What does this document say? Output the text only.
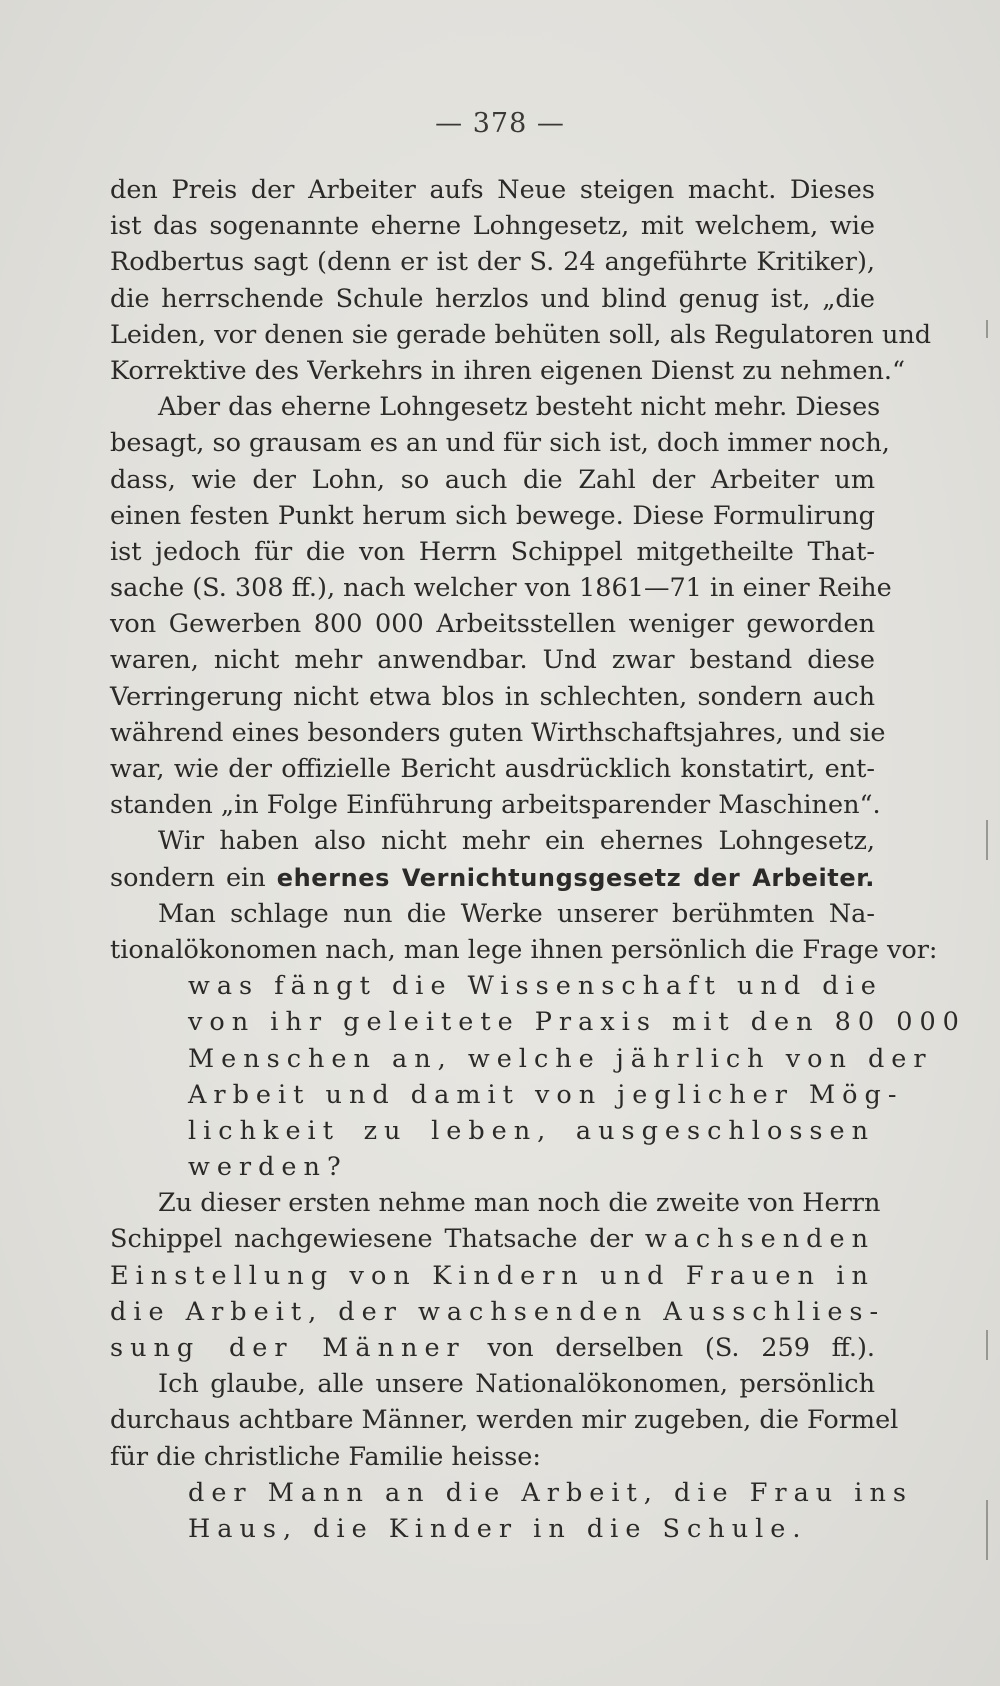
— 378 —
den Preis der Arbeiter aufs Neue steigen macht. Dieses
ist das sogenannte eherne Lohngesetz, mit welchem, wie
Rodbertus sagt (denn er ist der S. 24 angeführte Kritiker),
die herrschende Schule herzlos und blind genug ist, „die
Leiden, vor denen sie gerade behüten soll, als Regulatoren und
Korrektive des Verkehrs in ihren eigenen Dienst zu nehmen.“
Aber das eherne Lohngesetz besteht nicht mehr. Dieses
besagt, so grausam es an und für sich ist, doch immer noch,
dass, wie der Lohn, so auch die Zahl der Arbeiter um
einen festen Punkt herum sich bewege. Diese Formulirung
ist jedoch für die von Herrn Schippel mitgetheilte That-
sache (S. 308 ff.), nach welcher von 1861—71 in einer Reihe
von Gewerben 800 000 Arbeitsstellen weniger geworden
waren, nicht mehr anwendbar. Und zwar bestand diese
Verringerung nicht etwa blos in schlechten, sondern auch
während eines besonders guten Wirthschaftsjahres, und sie
war, wie der offizielle Bericht ausdrücklich konstatirt, ent-
standen „in Folge Einführung arbeitsparender Maschinen“.
Wir haben also nicht mehr ein ehernes Lohngesetz,
sondern ein ehernes Vernichtungsgesetz der Arbeiter.
Man schlage nun die Werke unserer berühmten Na-
tionalökonomen nach, man lege ihnen persönlich die Frage vor:
was fängt die Wissenschaft und die
von ihr geleitete Praxis mit den 80 000
Menschen an, welche jährlich von der
Arbeit und damit von jeglicher Mög-
lichkeit zu leben, ausgeschlossen
werden?
Zu dieser ersten nehme man noch die zweite von Herrn
Schippel nachgewiesene Thatsache der wachsenden
Einstellung von Kindern und Frauen in
die Arbeit, der wachsenden Ausschlies-
sung der Männer von derselben (S. 259 ff.).
Ich glaube, alle unsere Nationalökonomen, persönlich
durchaus achtbare Männer, werden mir zugeben, die Formel
für die christliche Familie heisse:
der Mann an die Arbeit, die Frau ins
Haus, die Kinder in die Schule.
